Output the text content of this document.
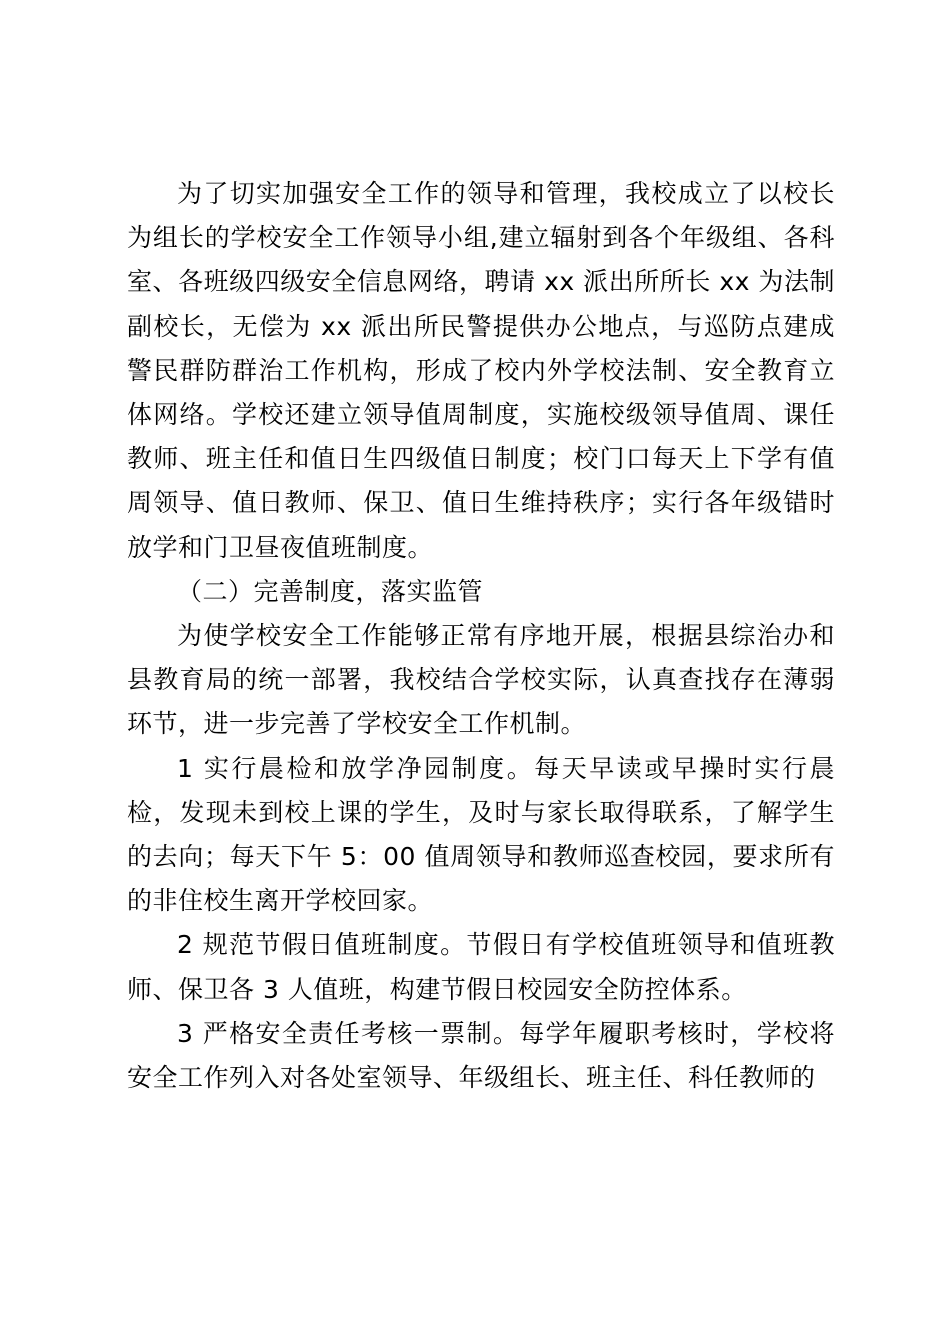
为了切实加强安全工作的领导和管理，我校成立了以校长为组长的学校安全工作领导小组,建立辐射到各个年级组、各科室、各班级四级安全信息网络，聘请 xx 派出所所长 xx 为法制副校长，无偿为 xx 派出所民警提供办公地点，与巡防点建成警民群防群治工作机构，形成了校内外学校法制、安全教育立体网络。学校还建立领导值周制度，实施校级领导值周、课任教师、班主任和值日生四级值日制度；校门口每天上下学有值周领导、值日教师、保卫、值日生维持秩序；实行各年级错时放学和门卫昼夜值班制度。

（二）完善制度，落实监管

为使学校安全工作能够正常有序地开展，根据县综治办和县教育局的统一部署，我校结合学校实际，认真查找存在薄弱环节，进一步完善了学校安全工作机制。

1 实行晨检和放学净园制度。每天早读或早操时实行晨检，发现未到校上课的学生，及时与家长取得联系，了解学生的去向；每天下午 5：00 值周领导和教师巡查校园，要求所有的非住校生离开学校回家。

2 规范节假日值班制度。节假日有学校值班领导和值班教师、保卫各 3 人值班，构建节假日校园安全防控体系。

3 严格安全责任考核一票制。每学年履职考核时，学校将安全工作列入对各处室领导、年级组长、班主任、科任教师的
